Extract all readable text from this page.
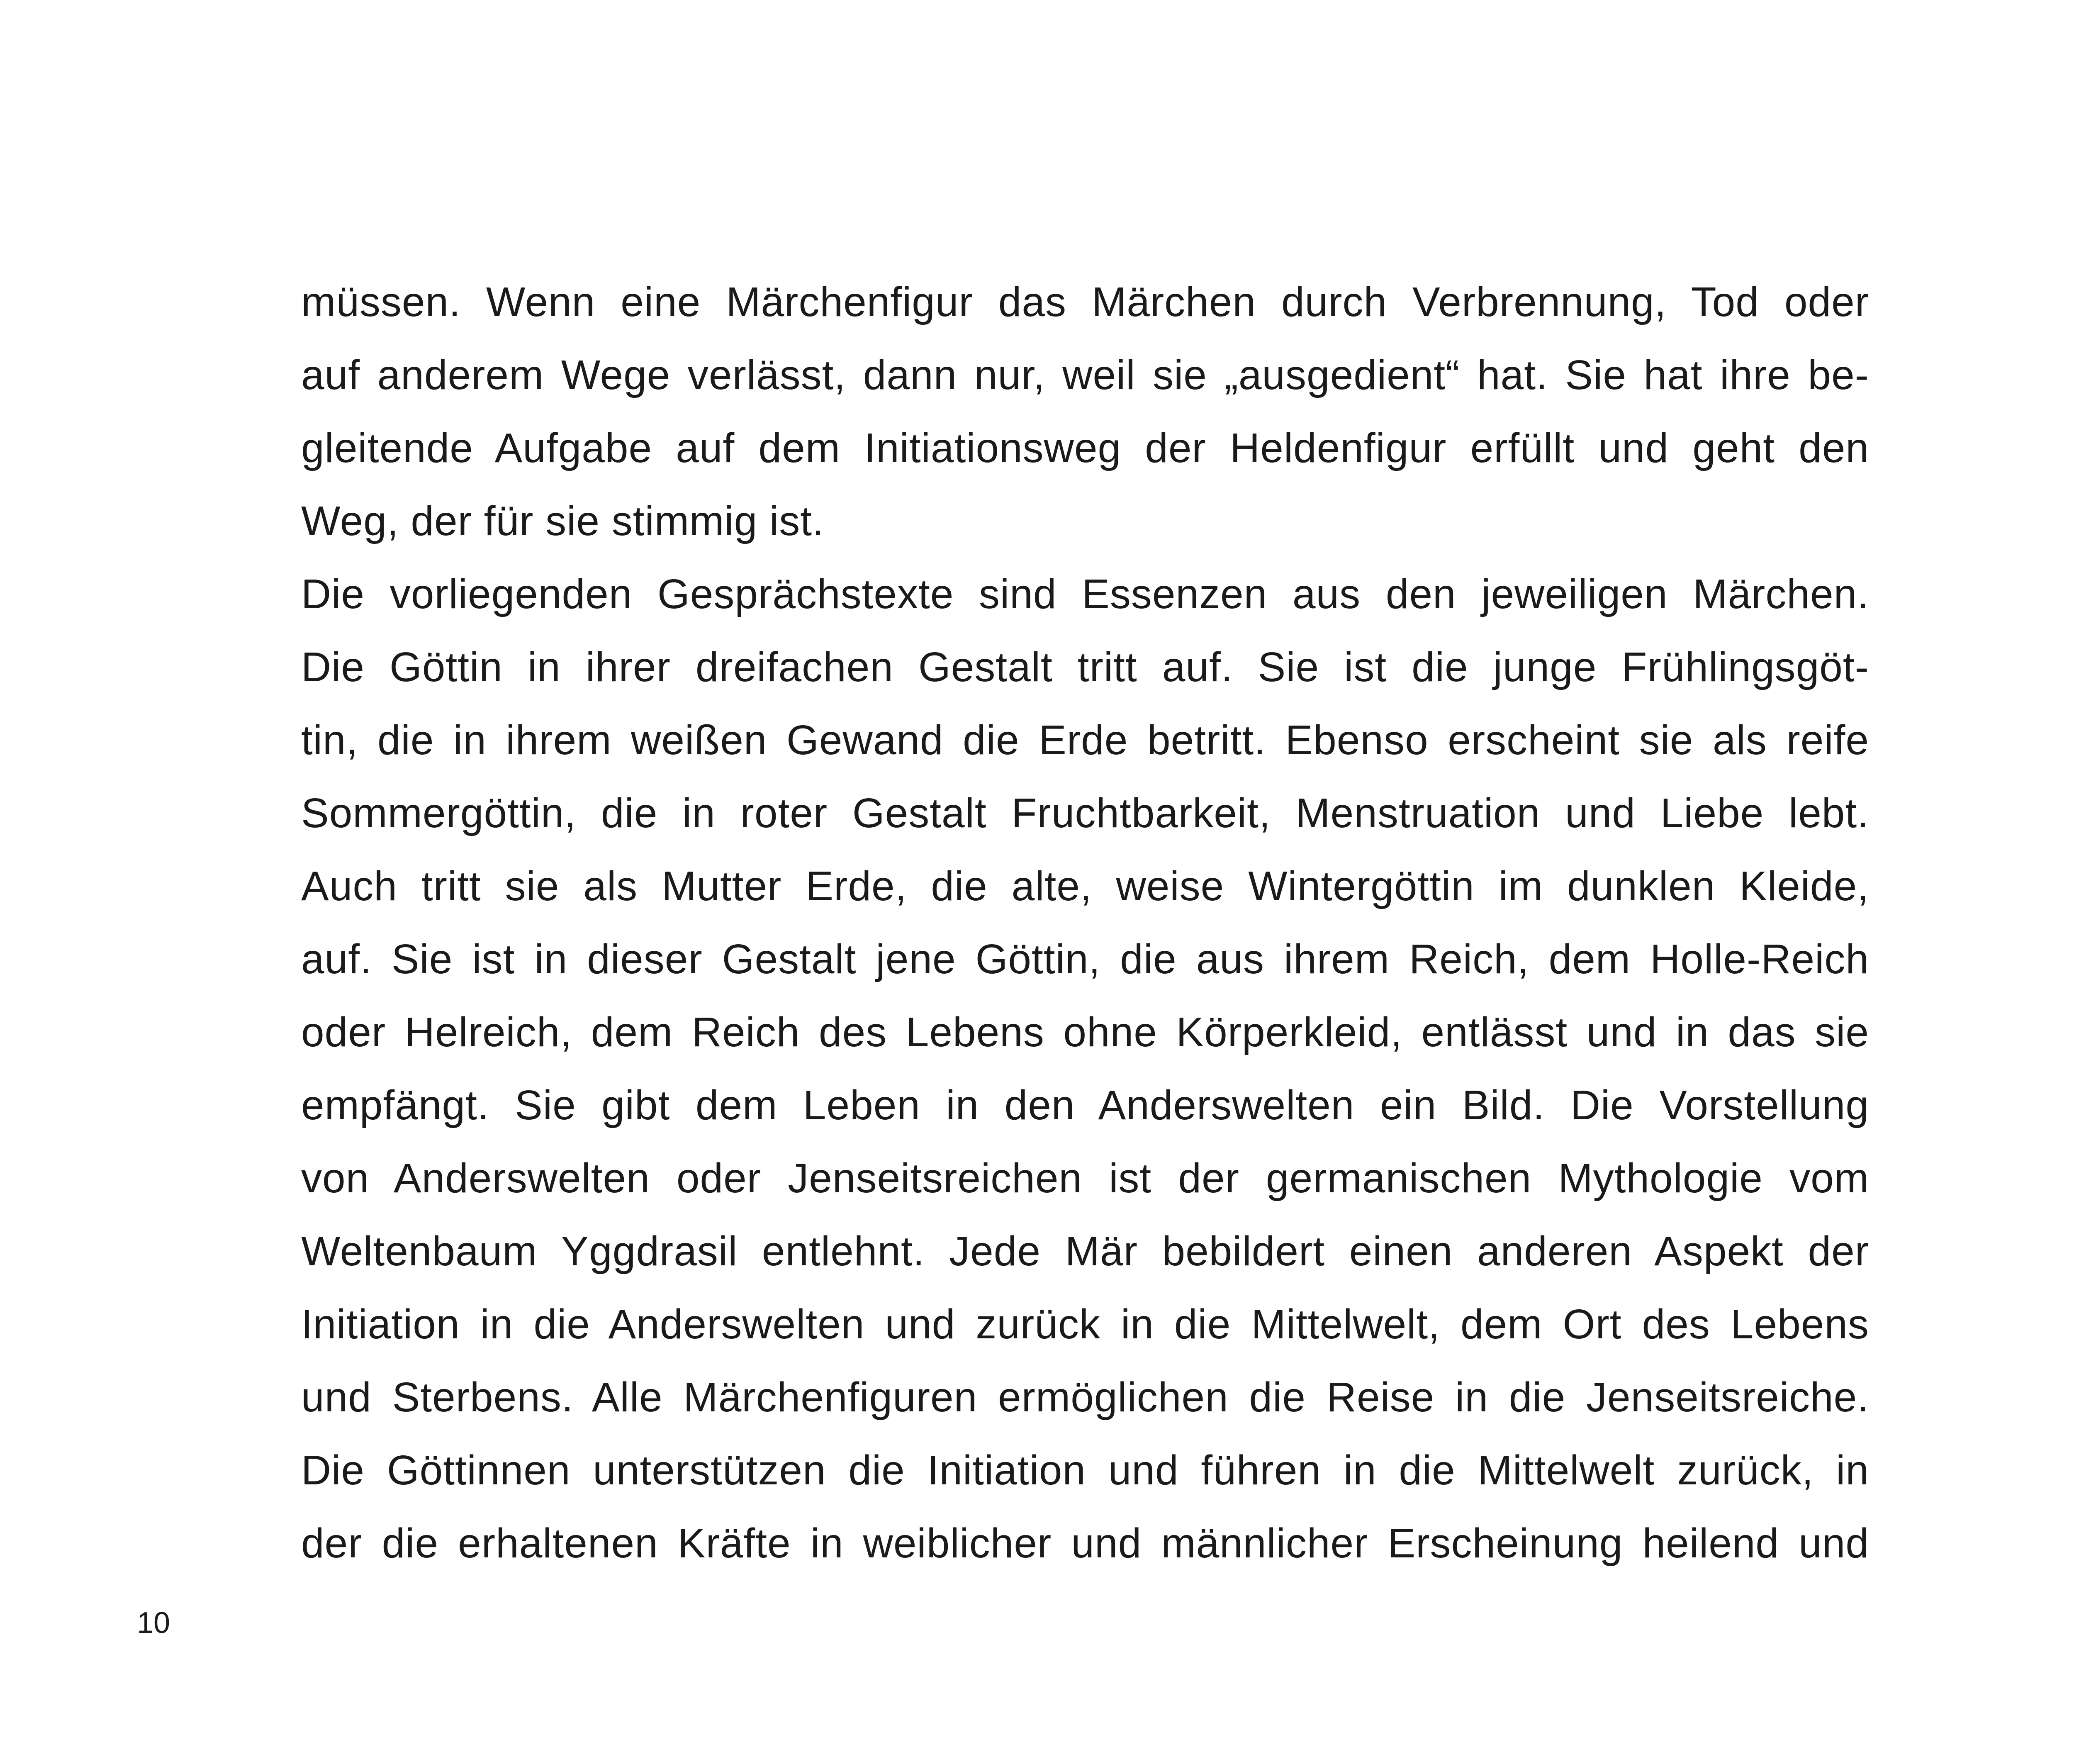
müssen. Wenn eine Märchenfigur das Märchen durch Verbrennung, Tod oder
auf anderem Wege verlässt, dann nur, weil sie „ausgedient“ hat. Sie hat ihre be-
gleitende Aufgabe auf dem Initiationsweg der Heldenfigur erfüllt und geht den
Weg, der für sie stimmig ist.
Die vorliegenden Gesprächstexte sind Essenzen aus den jeweiligen Märchen.
Die Göttin in ihrer dreifachen Gestalt tritt auf. Sie ist die junge Frühlingsgöt-
tin, die in ihrem weißen Gewand die Erde betritt. Ebenso erscheint sie als reife
Sommergöttin, die in roter Gestalt Fruchtbarkeit, Menstruation und Liebe lebt.
Auch tritt sie als Mutter Erde, die alte, weise Wintergöttin im dunklen Kleide,
auf. Sie ist in dieser Gestalt jene Göttin, die aus ihrem Reich, dem Holle-Reich
oder Helreich, dem Reich des Lebens ohne Körperkleid, entlässt und in das sie
empfängt. Sie gibt dem Leben in den Anderswelten ein Bild. Die Vorstellung
von Anderswelten oder Jenseitsreichen ist der germanischen Mythologie vom
Weltenbaum Yggdrasil entlehnt. Jede Mär bebildert einen anderen Aspekt der
Initiation in die Anderswelten und zurück in die Mittelwelt, dem Ort des Lebens
und Sterbens. Alle Märchenfiguren ermöglichen die Reise in die Jenseitsreiche.
Die Göttinnen unterstützen die Initiation und führen in die Mittelwelt zurück, in
der die erhaltenen Kräfte in weiblicher und männlicher Erscheinung heilend und
10
